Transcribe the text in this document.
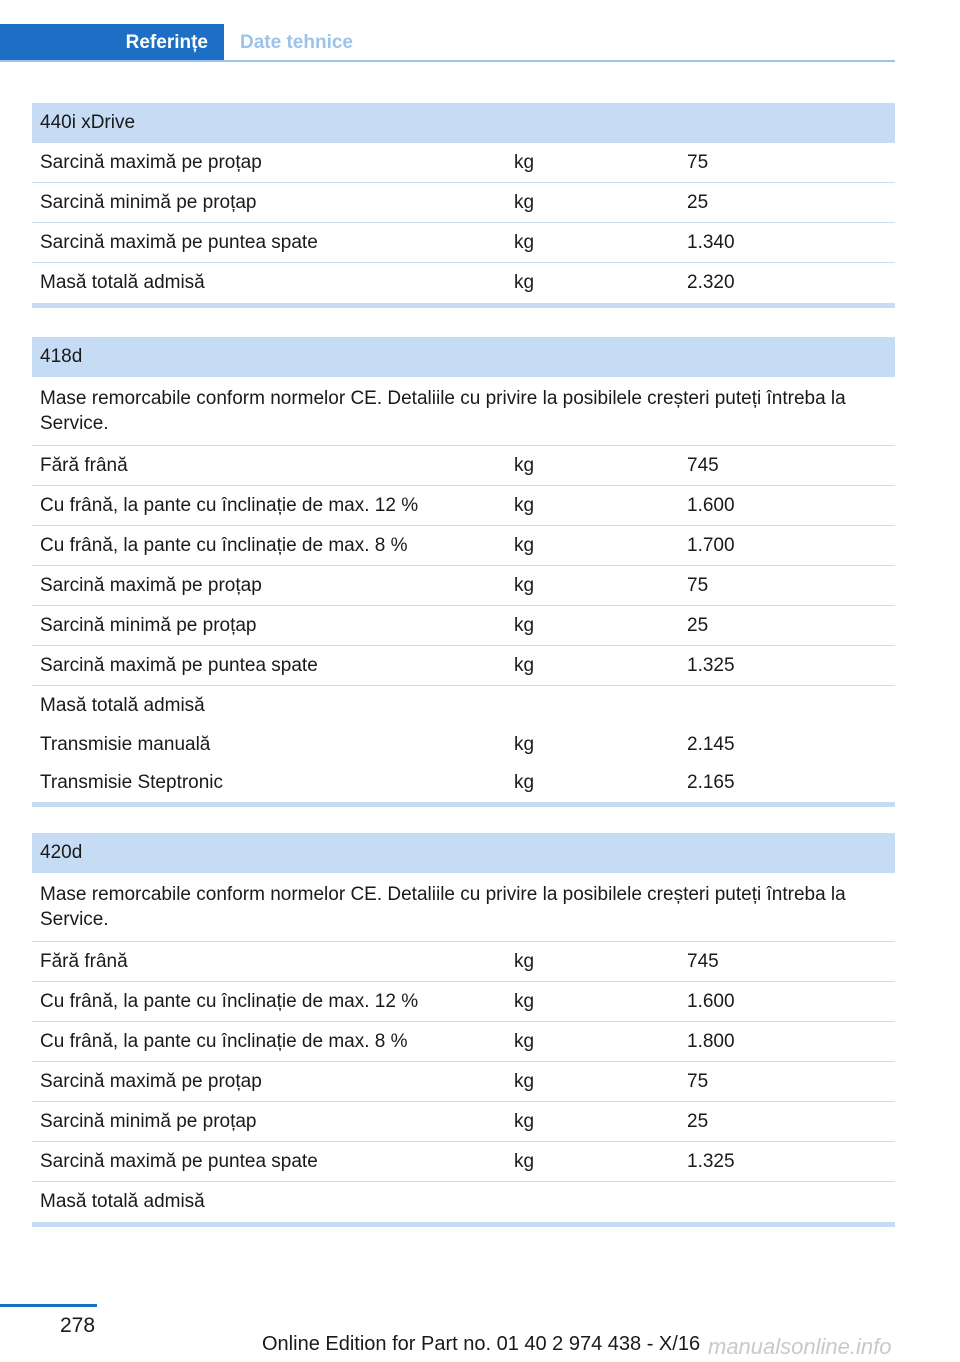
Referințe	Date tehnice
440i xDrive
Sarcină maximă pe proțap	kg	75
Sarcină minimă pe proțap	kg	25
Sarcină maximă pe puntea spate	kg	1.340
Masă totală admisă	kg	2.320
418d
Mase remorcabile conform normelor CE. Detaliile cu privire la posibilele creșteri puteți întreba la Service.
Fără frână	kg	745
Cu frână, la pante cu înclinație de max. 12 %	kg	1.600
Cu frână, la pante cu înclinație de max. 8 %	kg	1.700
Sarcină maximă pe proțap	kg	75
Sarcină minimă pe proțap	kg	25
Sarcină maximă pe puntea spate	kg	1.325
Masă totală admisă
Transmisie manuală	kg	2.145
Transmisie Steptronic	kg	2.165
420d
Mase remorcabile conform normelor CE. Detaliile cu privire la posibilele creșteri puteți întreba la Service.
Fără frână	kg	745
Cu frână, la pante cu înclinație de max. 12 %	kg	1.600
Cu frână, la pante cu înclinație de max. 8 %	kg	1.800
Sarcină maximă pe proțap	kg	75
Sarcină minimă pe proțap	kg	25
Sarcină maximă pe puntea spate	kg	1.325
Masă totală admisă
278
Online Edition for Part no. 01 40 2 974 438 - X/16 manualsonline.info
